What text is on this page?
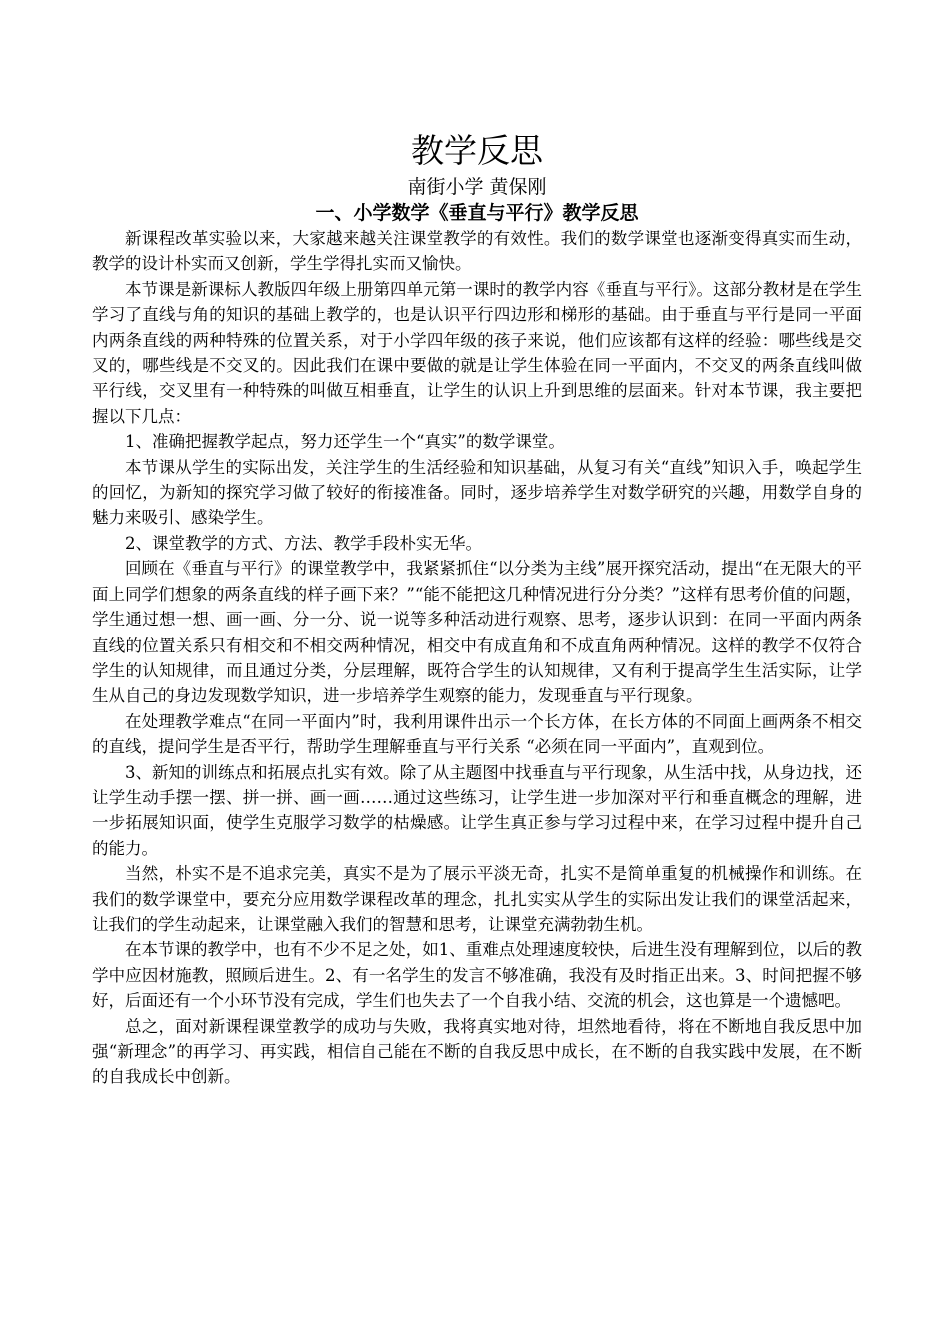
教学反思
南街小学 黄保刚
一、小学数学《垂直与平行》教学反思

新课程改革实验以来，大家越来越关注课堂教学的有效性。我们的数学课堂也逐渐变得真实而生动，教学的设计朴实而又创新，学生学得扎实而又愉快。

本节课是新课标人教版四年级上册第四单元第一课时的教学内容《垂直与平行》。这部分教材是在学生学习了直线与角的知识的基础上教学的，也是认识平行四边形和梯形的基础。由于垂直与平行是同一平面内两条直线的两种特殊的位置关系，对于小学四年级的孩子来说，他们应该都有这样的经验：哪些线是交叉的，哪些线是不交叉的。因此我们在课中要做的就是让学生体验在同一平面内，不交叉的两条直线叫做平行线，交叉里有一种特殊的叫做互相垂直，让学生的认识上升到思维的层面来。针对本节课，我主要把握以下几点：

1、准确把握教学起点，努力还学生一个“真实”的数学课堂。

本节课从学生的实际出发，关注学生的生活经验和知识基础，从复习有关“直线”知识入手，唤起学生的回忆，为新知的探究学习做了较好的衔接准备。同时，逐步培养学生对数学研究的兴趣，用数学自身的魅力来吸引、感染学生。

2、课堂教学的方式、方法、教学手段朴实无华。

回顾在《垂直与平行》的课堂教学中，我紧紧抓住“以分类为主线”展开探究活动，提出“在无限大的平面上同学们想象的两条直线的样子画下来？”“能不能把这几种情况进行分分类？”这样有思考价值的问题，学生通过想一想、画一画、分一分、说一说等多种活动进行观察、思考，逐步认识到：在同一平面内两条直线的位置关系只有相交和不相交两种情况，相交中有成直角和不成直角两种情况。这样的教学不仅符合学生的认知规律，而且通过分类，分层理解，既符合学生的认知规律，又有利于提高学生生活实际，让学生从自己的身边发现数学知识，进一步培养学生观察的能力，发现垂直与平行现象。

在处理教学难点“在同一平面内”时，我利用课件出示一个长方体，在长方体的不同面上画两条不相交的直线，提问学生是否平行，帮助学生理解垂直与平行关系 “必须在同一平面内”，直观到位。

3、新知的训练点和拓展点扎实有效。除了从主题图中找垂直与平行现象，从生活中找，从身边找，还让学生动手摆一摆、拼一拼、画一画……通过这些练习，让学生进一步加深对平行和垂直概念的理解，进一步拓展知识面，使学生克服学习数学的枯燥感。让学生真正参与学习过程中来，在学习过程中提升自己的能力。

当然，朴实不是不追求完美，真实不是为了展示平淡无奇，扎实不是简单重复的机械操作和训练。在我们的数学课堂中，要充分应用数学课程改革的理念，扎扎实实从学生的实际出发让我们的课堂活起来，让我们的学生动起来，让课堂融入我们的智慧和思考，让课堂充满勃勃生机。

在本节课的教学中，也有不少不足之处，如1、重难点处理速度较快，后进生没有理解到位，以后的教学中应因材施教，照顾后进生。2、有一名学生的发言不够准确，我没有及时指正出来。3、时间把握不够好，后面还有一个小环节没有完成，学生们也失去了一个自我小结、交流的机会，这也算是一个遗憾吧。

总之，面对新课程课堂教学的成功与失败，我将真实地对待，坦然地看待，将在不断地自我反思中加强“新理念”的再学习、再实践，相信自己能在不断的自我反思中成长，在不断的自我实践中发展，在不断的自我成长中创新。
